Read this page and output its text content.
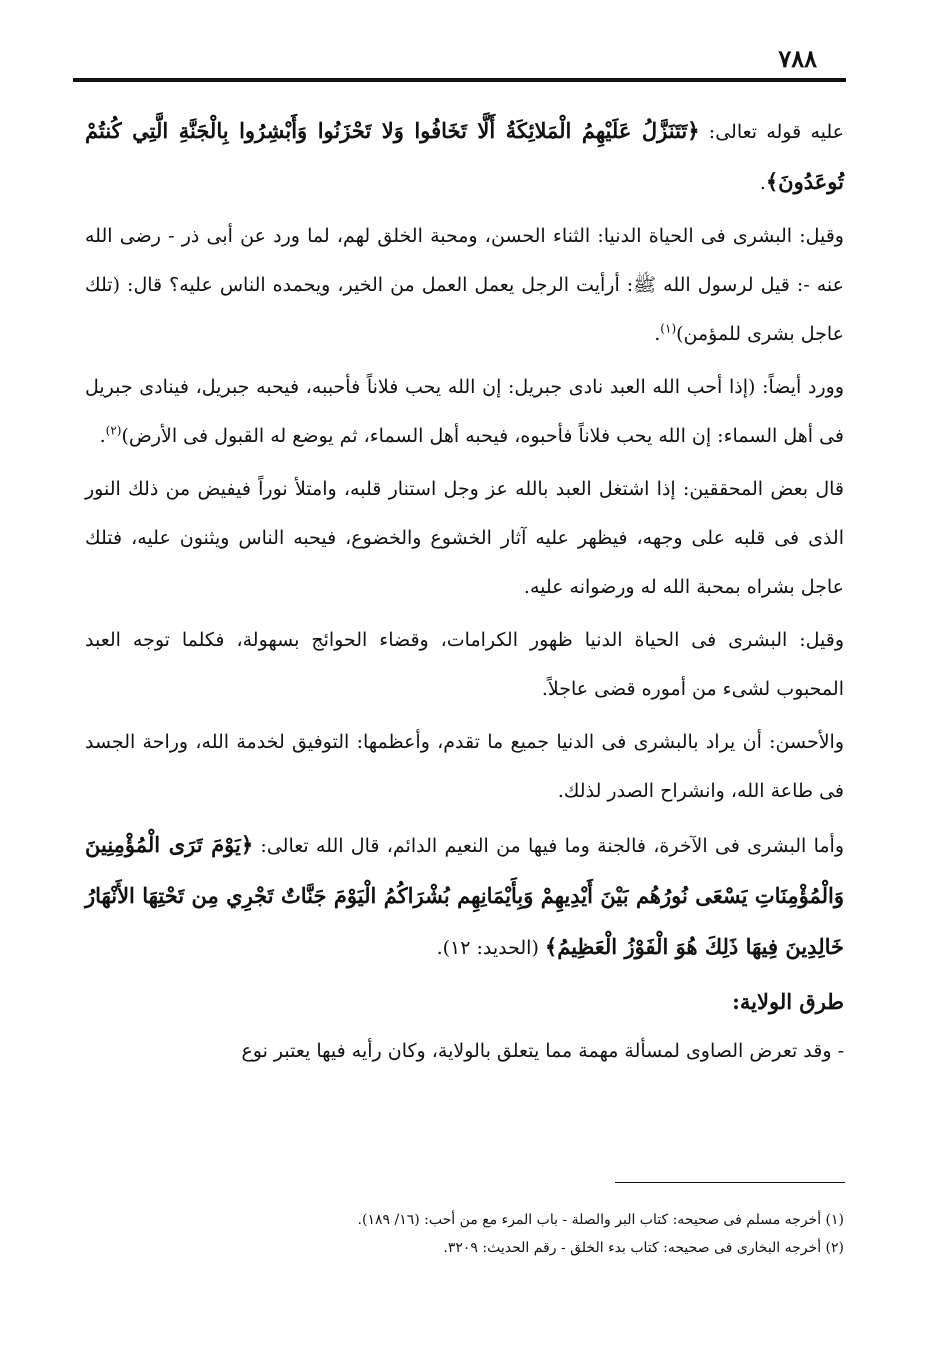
٧٨٨

عليه قوله تعالى: ﴿تَتَنَزَّلُ عَلَيْهِمُ الْمَلائِكَةُ أَلَّا تَخَافُوا وَلا تَحْزَنُوا وَأَبْشِرُوا بِالْجَنَّةِ الَّتِي كُنتُمْ تُوعَدُونَ﴾.

وقيل: البشرى فى الحياة الدنيا: الثناء الحسن، ومحبة الخلق لهم، لما ورد عن أبى ذر - رضى الله عنه -: قيل لرسول الله ﷺ: أرأيت الرجل يعمل العمل من الخير، ويحمده الناس عليه؟ قال: (تلك عاجل بشرى للمؤمن)$^{(١)}$.

وورد أيضاً: (إذا أحب الله العبد نادى جبريل: إن الله يحب فلاناً فأحببه، فيحبه جبريل، فينادى جبريل فى أهل السماء: إن الله يحب فلاناً فأحبوه، فيحبه أهل السماء، ثم يوضع له القبول فى الأرض)$^{(٢)}$.

قال بعض المحققين: إذا اشتغل العبد بالله عز وجل استنار قلبه، وامتلأ نوراً فيفيض من ذلك النور الذى فى قلبه على وجهه، فيظهر عليه آثار الخشوع والخضوع، فيحبه الناس ويثنون عليه، فتلك عاجل بشراه بمحبة الله له ورضوانه عليه.

وقيل: البشرى فى الحياة الدنيا ظهور الكرامات، وقضاء الحوائج بسهولة، فكلما توجه العبد المحبوب لشىء من أموره قضى عاجلاً.

والأحسن: أن يراد بالبشرى فى الدنيا جميع ما تقدم، وأعظمها: التوفيق لخدمة الله، وراحة الجسد فى طاعة الله، وانشراح الصدر لذلك.

وأما البشرى فى الآخرة، فالجنة وما فيها من النعيم الدائم، قال الله تعالى: ﴿يَوْمَ تَرَى الْمُؤْمِنِينَ وَالْمُؤْمِنَاتِ يَسْعَى نُورُهُم بَيْنَ أَيْدِيهِمْ وَبِأَيْمَانِهِم بُشْرَاكُمُ الْيَوْمَ جَنَّاتٌ تَجْرِي مِن تَحْتِهَا الأَنْهَارُ خَالِدِينَ فِيهَا ذَلِكَ هُوَ الْفَوْزُ الْعَظِيمُ﴾ (الحديد: ١٢).

طرق الولاية:

- وقد تعرض الصاوى لمسألة مهمة مما يتعلق بالولاية، وكان رأيه فيها يعتبر نوع

(١) أخرجه مسلم فى صحيحه: كتاب البر والصلة - باب المرء مع من أحب: (١٦/ ١٨٩).

(٢) أخرجه البخارى فى صحيحه: كتاب بدء الخلق - رقم الحديث: ٣٢٠٩.
